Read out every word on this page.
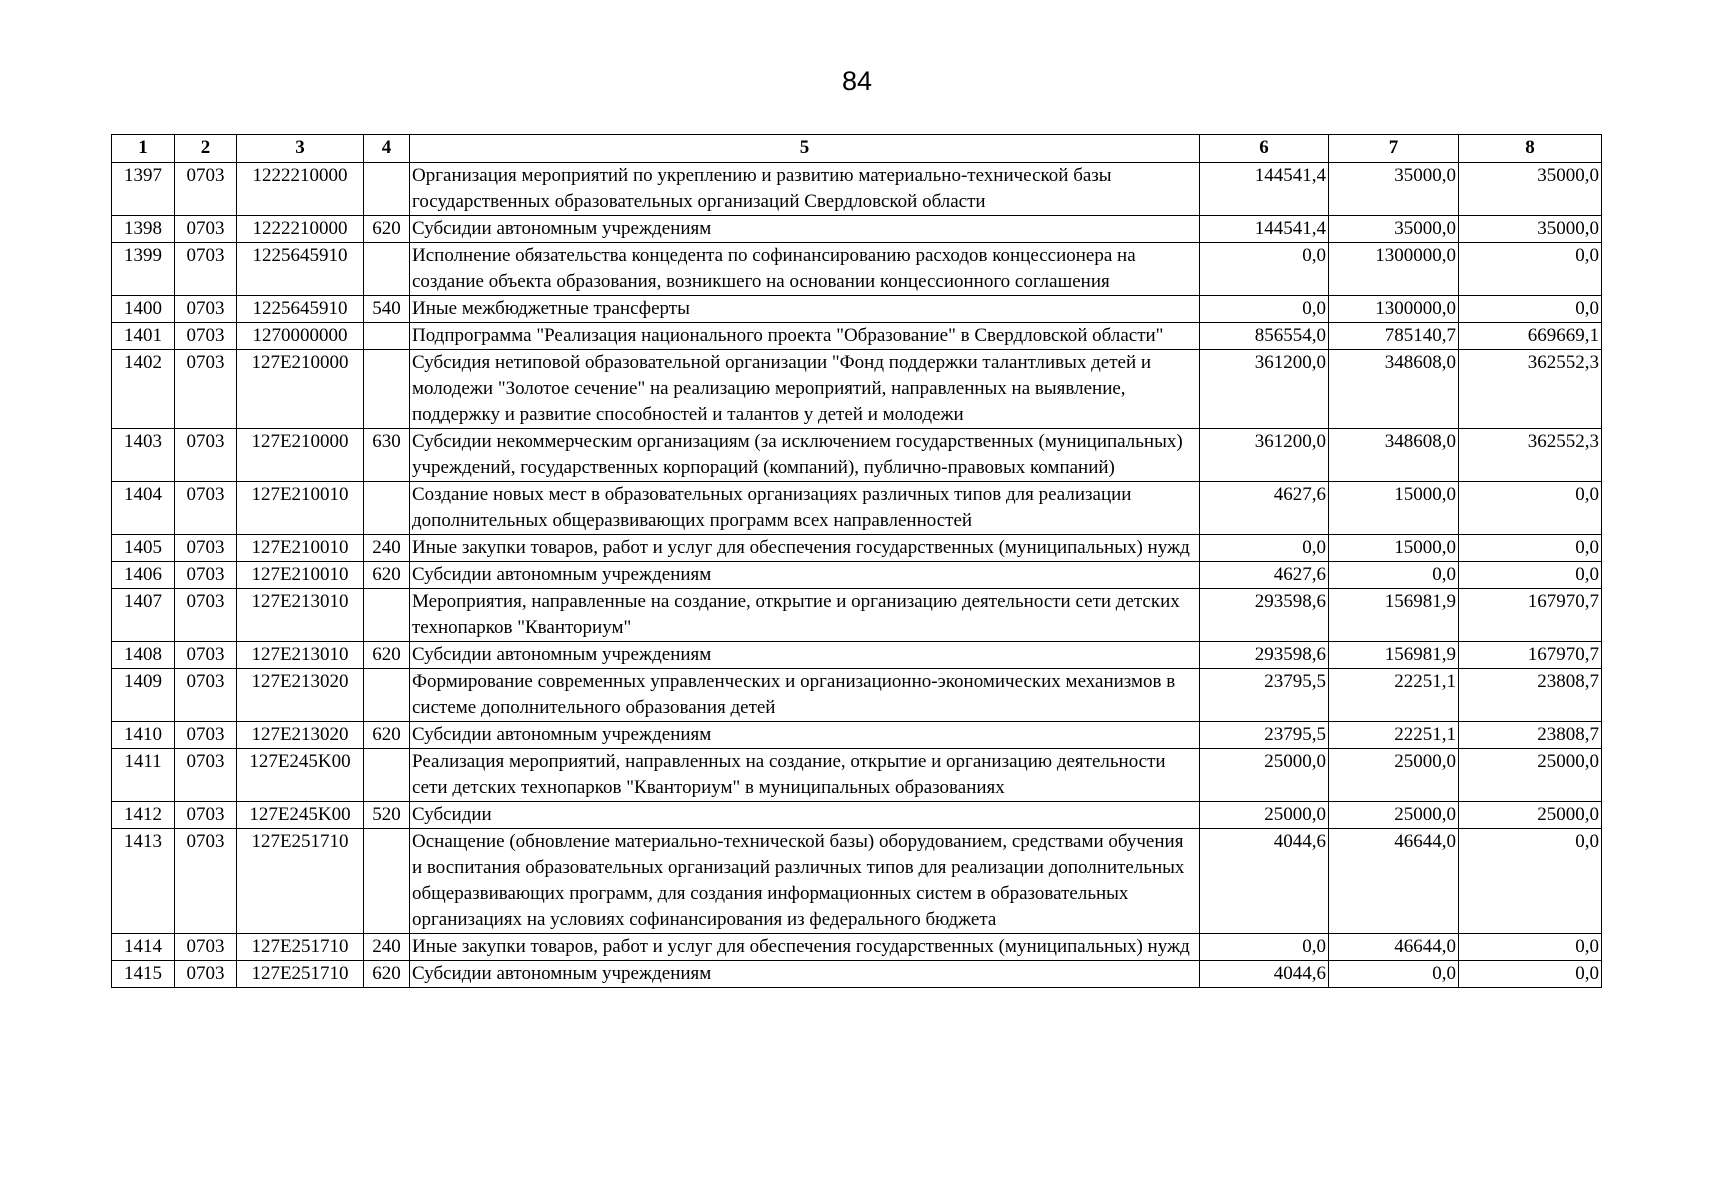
84
1	2	3	4	5	6	7	8
1397	0703	1222210000		Организация мероприятий по укреплению и развитию материально-технической базы государственных образовательных организаций Свердловской области	144541,4	35000,0	35000,0
1398	0703	1222210000	620	Субсидии автономным учреждениям	144541,4	35000,0	35000,0
1399	0703	1225645910		Исполнение обязательства концедента по софинансированию расходов концессионера на создание объекта образования, возникшего на основании концессионного соглашения	0,0	1300000,0	0,0
1400	0703	1225645910	540	Иные межбюджетные трансферты	0,0	1300000,0	0,0
1401	0703	1270000000		Подпрограмма "Реализация национального проекта "Образование" в Свердловской области"	856554,0	785140,7	669669,1
1402	0703	127E210000		Субсидия нетиповой образовательной организации "Фонд поддержки талантливых детей и молодежи "Золотое сечение" на реализацию мероприятий, направленных на выявление, поддержку и развитие способностей и талантов у детей и молодежи	361200,0	348608,0	362552,3
1403	0703	127E210000	630	Субсидии некоммерческим организациям (за исключением государственных (муниципальных) учреждений, государственных корпораций (компаний), публично-правовых компаний)	361200,0	348608,0	362552,3
1404	0703	127E210010		Создание новых мест в образовательных организациях различных типов для реализации дополнительных общеразвивающих программ всех направленностей	4627,6	15000,0	0,0
1405	0703	127E210010	240	Иные закупки товаров, работ и услуг для обеспечения государственных (муниципальных) нужд	0,0	15000,0	0,0
1406	0703	127E210010	620	Субсидии автономным учреждениям	4627,6	0,0	0,0
1407	0703	127E213010		Мероприятия, направленные на создание, открытие и организацию деятельности сети детских технопарков "Кванториум"	293598,6	156981,9	167970,7
1408	0703	127E213010	620	Субсидии автономным учреждениям	293598,6	156981,9	167970,7
1409	0703	127E213020		Формирование современных управленческих и организационно-экономических механизмов в системе дополнительного образования детей	23795,5	22251,1	23808,7
1410	0703	127E213020	620	Субсидии автономным учреждениям	23795,5	22251,1	23808,7
1411	0703	127E245K00		Реализация мероприятий, направленных на создание, открытие и организацию деятельности сети детских технопарков "Кванториум" в муниципальных образованиях	25000,0	25000,0	25000,0
1412	0703	127E245K00	520	Субсидии	25000,0	25000,0	25000,0
1413	0703	127E251710		Оснащение (обновление материально-технической базы) оборудованием, средствами обучения и воспитания образовательных организаций различных типов для реализации дополнительных общеразвивающих программ, для создания информационных систем в образовательных организациях на условиях софинансирования из федерального бюджета	4044,6	46644,0	0,0
1414	0703	127E251710	240	Иные закупки товаров, работ и услуг для обеспечения государственных (муниципальных) нужд	0,0	46644,0	0,0
1415	0703	127E251710	620	Субсидии автономным учреждениям	4044,6	0,0	0,0
